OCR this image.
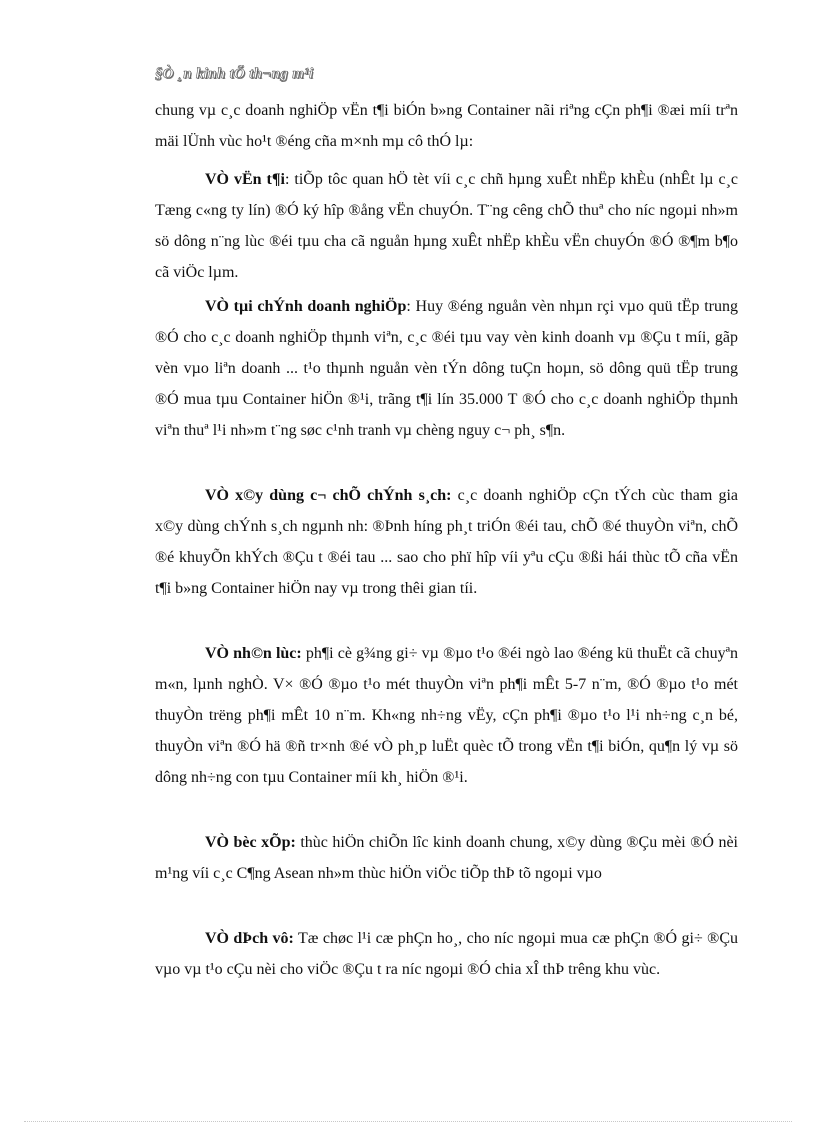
§Ò ¸n kinh tÕ th¬ng m¹i

chung vµ c¸c doanh nghiÖp vËn t¶i biÓn b»ng Container nãi riªng cÇn ph¶i ®æi míi trªn mäi lÜnh vùc ho¹t ®éng cña m×nh mµ cô thÓ lµ:

VÒ vËn t¶i: tiÕp tôc quan hÖ tèt víi c¸c chñ hµng xuÊt nhËp khÈu (nhÊt lµ c¸c Tæng c«ng ty lín) ®Ó ký hîp ®ång vËn chuyÓn. T¨ng cêng chÕ thuª cho níc ngoµi nh»m sö dông n¨ng lùc ®éi tµu cha cã nguån hµng xuÊt nhËp khÈu vËn chuyÓn ®Ó ®¶m b¶o cã viÖc lµm.

VÒ tµi chÝnh doanh nghiÖp: Huy ®éng nguån vèn nhµn rçi vµo quü tËp trung ®Ó cho c¸c doanh nghiÖp thµnh viªn, c¸c ®éi tµu vay vèn kinh doanh vµ ®Çu t míi, gãp vèn vµo liªn doanh ... t¹o thµnh nguån vèn tÝn dông tuÇn hoµn, sö dông quü tËp trung ®Ó mua tµu Container hiÖn ®¹i, trãng t¶i lín 35.000 T ®Ó cho c¸c doanh nghiÖp thµnh viªn thuª l¹i nh»m t¨ng søc c¹nh tranh vµ chèng nguy c¬ ph¸ s¶n.

VÒ x©y dùng c¬ chÕ chÝnh s¸ch: c¸c doanh nghiÖp cÇn tÝch cùc tham gia x©y dùng chÝnh s¸ch ngµnh nh: ®Þnh híng ph¸t triÓn ®éi tau, chÕ ®é thuyÒn viªn, chÕ ®é khuyÕn khÝch ®Çu t ®éi tau ... sao cho phï hîp víi yªu cÇu ®ßi hái thùc tÕ cña vËn t¶i b»ng Container hiÖn nay vµ trong thêi gian tíi.

VÒ nh©n lùc: ph¶i cè g¾ng gi÷ vµ ®µo t¹o ®éi ngò lao ®éng kü thuËt cã chuyªn m«n, lµnh nghÒ. V× ®Ó ®µo t¹o mét thuyÒn viªn ph¶i mÊt 5-7 n¨m, ®Ó ®µo t¹o mét thuyÒn trëng ph¶i mÊt 10 n¨m. Kh«ng nh÷ng vËy, cÇn ph¶i ®µo t¹o l¹i nh÷ng c¸n bé, thuyÒn viªn ®Ó hä ®ñ tr×nh ®é vÒ ph¸p luËt quèc tÕ trong vËn t¶i biÓn, qu¶n lý vµ sö dông nh÷ng con tµu Container míi kh¸ hiÖn ®¹i.

VÒ bèc xÕp: thùc hiÖn chiÕn lîc kinh doanh chung, x©y dùng ®Çu mèi ®Ó nèi m¹ng víi c¸c C¶ng Asean nh»m thùc hiÖn viÖc tiÕp thÞ tõ ngoµi vµo

VÒ dÞch vô: Tæ chøc l¹i cæ phÇn ho¸, cho níc ngoµi mua cæ phÇn ®Ó gi÷ ®Çu vµo vµ t¹o cÇu nèi cho viÖc ®Çu t ra níc ngoµi ®Ó chia xÎ thÞ trêng khu vùc.
